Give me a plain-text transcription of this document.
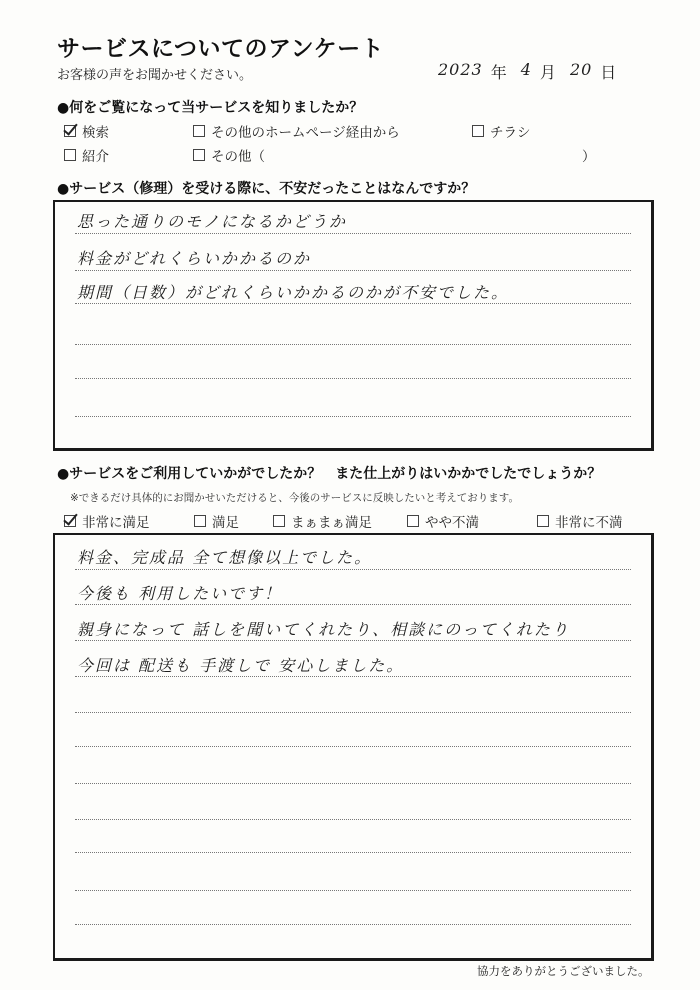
サービスについてのアンケート
お客様の声をお聞かせください。	2023 年 4 月 20 日
●何をご覧になって当サービスを知りましたか？
検索	その他のホームページ経由から	チラシ
紹介	その他（	）
●サービス（修理）を受ける際に、不安だったことはなんですか？
思った通りのモノになるかどうか
料金がどれくらいかかるのか
期間（日数）がどれくらいかかるのかが不安でした。
●サービスをご利用していかがでしたか？　また仕上がりはいかかでしたでしょうか？
※できるだけ具体的にお聞かせいただけると、今後のサービスに反映したいと考えております。
非常に満足	満足	まぁまぁ満足	やや不満	非常に不満
料金、完成品 全て想像以上でした。
今後も 利用したいです！
親身になって 話しを聞いてくれたり、相談にのってくれたり
今回は 配送も 手渡しで 安心しました。
協力をありがとうございました。
